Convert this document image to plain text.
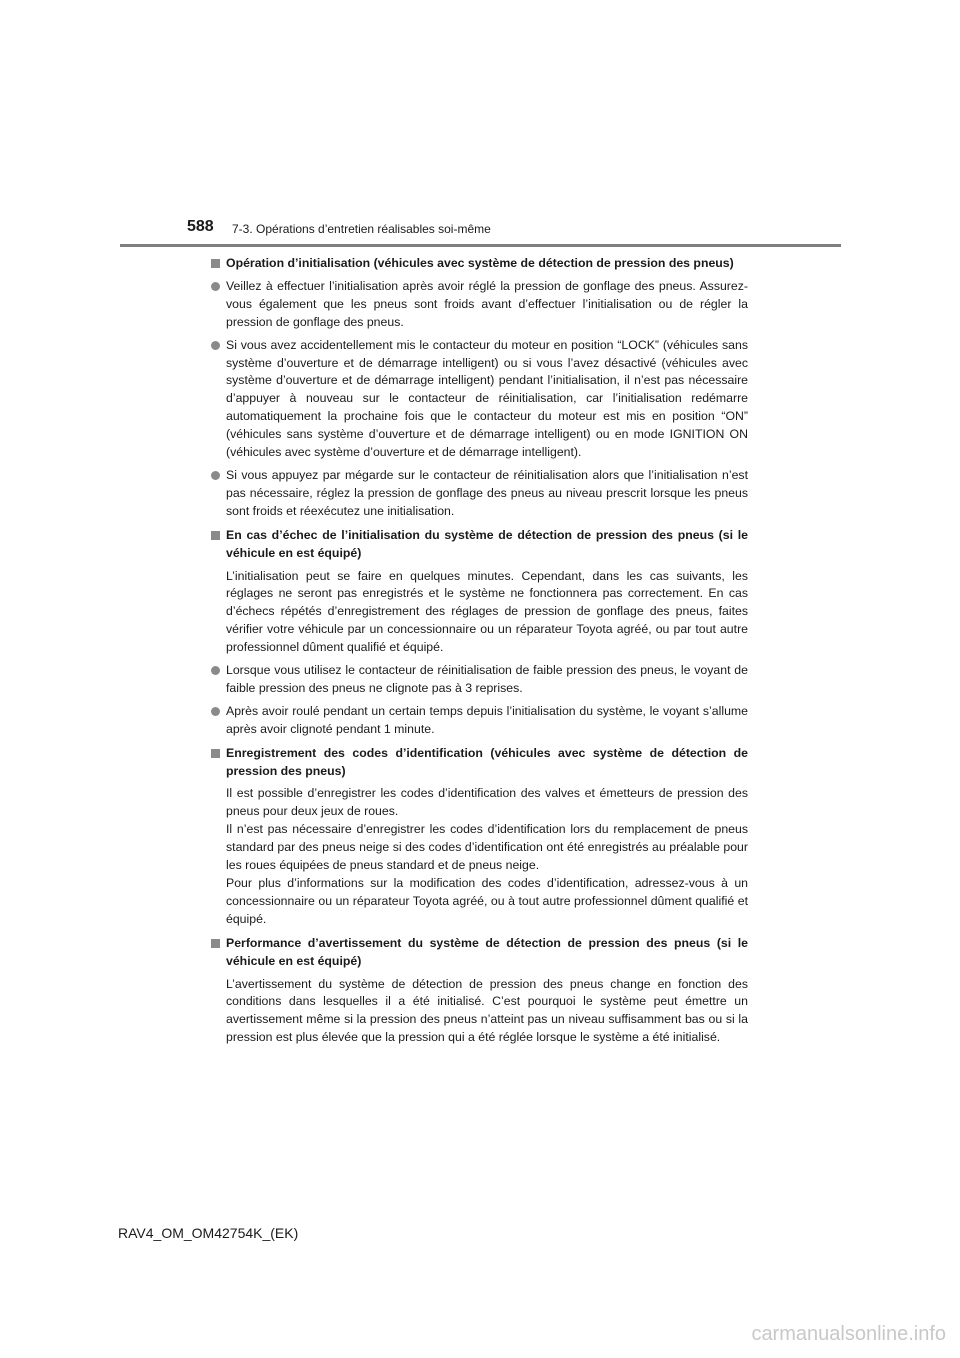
588 7-3. Opérations d’entretien réalisables soi-même
Opération d’initialisation (véhicules avec système de détection de pression des pneus)
Veillez à effectuer l’initialisation après avoir réglé la pression de gonflage des pneus. Assurez-vous également que les pneus sont froids avant d’effectuer l’initialisation ou de régler la pression de gonflage des pneus.
Si vous avez accidentellement mis le contacteur du moteur en position “LOCK” (véhicules sans système d’ouverture et de démarrage intelligent) ou si vous l’avez désactivé (véhicules avec système d’ouverture et de démarrage intelligent) pendant l’initialisation, il n’est pas nécessaire d’appuyer à nouveau sur le contacteur de réinitialisation, car l’initialisation redémarre automatiquement la prochaine fois que le contacteur du moteur est mis en position “ON” (véhicules sans système d’ouverture et de démarrage intelligent) ou en mode IGNITION ON (véhicules avec système d’ouverture et de démarrage intelligent).
Si vous appuyez par mégarde sur le contacteur de réinitialisation alors que l’initialisation n’est pas nécessaire, réglez la pression de gonflage des pneus au niveau prescrit lorsque les pneus sont froids et réexécutez une initialisation.
En cas d’échec de l’initialisation du système de détection de pression des pneus (si le véhicule en est équipé)
L’initialisation peut se faire en quelques minutes. Cependant, dans les cas suivants, les réglages ne seront pas enregistrés et le système ne fonctionnera pas correctement. En cas d’échecs répétés d’enregistrement des réglages de pression de gonflage des pneus, faites vérifier votre véhicule par un concessionnaire ou un réparateur Toyota agréé, ou par tout autre professionnel dûment qualifié et équipé.
Lorsque vous utilisez le contacteur de réinitialisation de faible pression des pneus, le voyant de faible pression des pneus ne clignote pas à 3 reprises.
Après avoir roulé pendant un certain temps depuis l’initialisation du système, le voyant s’allume après avoir clignoté pendant 1 minute.
Enregistrement des codes d’identification (véhicules avec système de détection de pression des pneus)
Il est possible d’enregistrer les codes d’identification des valves et émetteurs de pression des pneus pour deux jeux de roues.
Il n’est pas nécessaire d’enregistrer les codes d’identification lors du remplacement de pneus standard par des pneus neige si des codes d’identification ont été enregistrés au préalable pour les roues équipées de pneus standard et de pneus neige.
Pour plus d’informations sur la modification des codes d’identification, adressez-vous à un concessionnaire ou un réparateur Toyota agréé, ou à tout autre professionnel dûment qualifié et équipé.
Performance d’avertissement du système de détection de pression des pneus (si le véhicule en est équipé)
L’avertissement du système de détection de pression des pneus change en fonction des conditions dans lesquelles il a été initialisé. C’est pourquoi le système peut émettre un avertissement même si la pression des pneus n’atteint pas un niveau suffisamment bas ou si la pression est plus élevée que la pression qui a été réglée lorsque le système a été initialisé.
RAV4_OM_OM42754K_(EK)
carmanualsonline.info
